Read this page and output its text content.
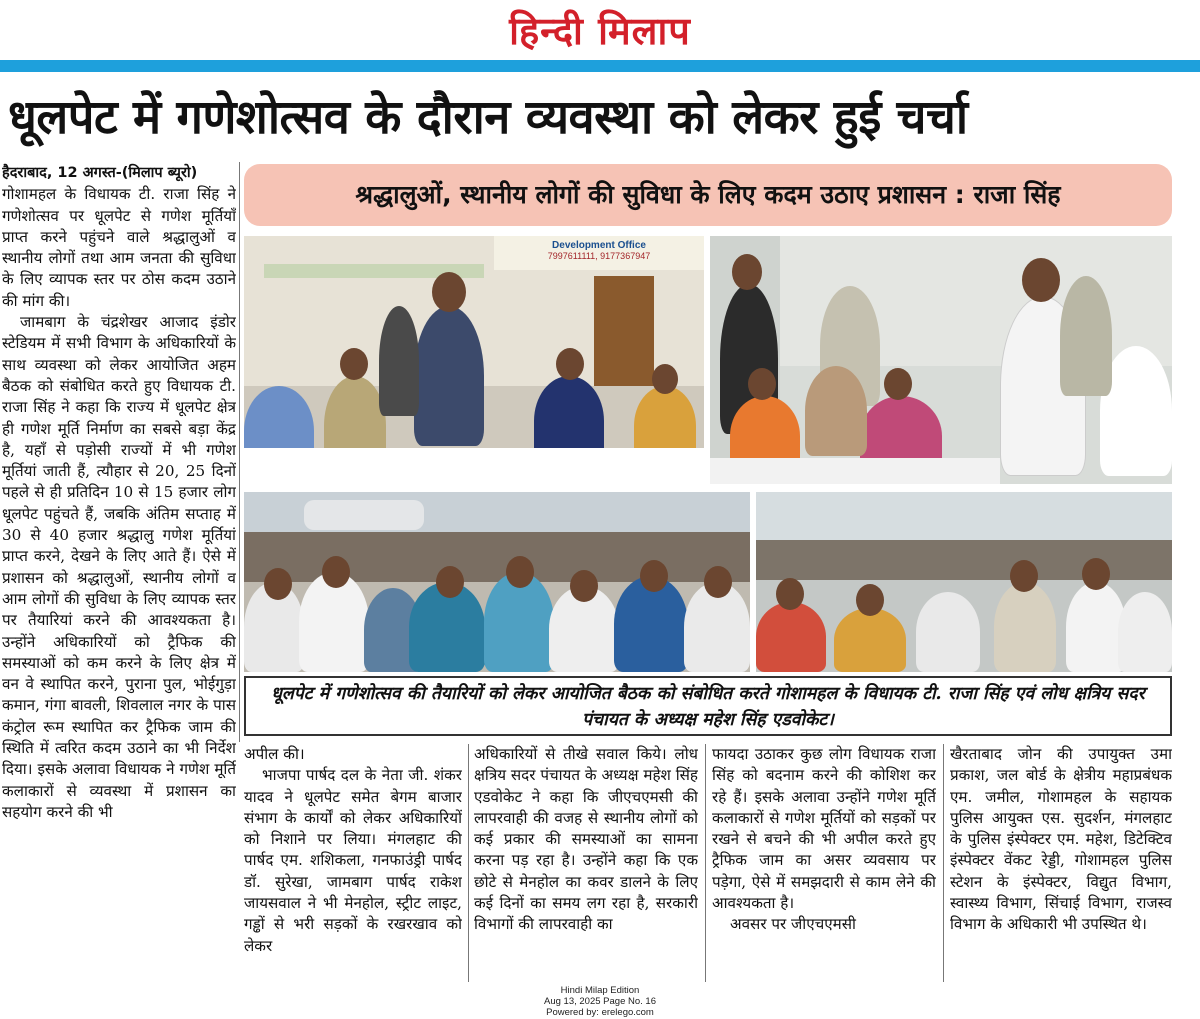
हिन्दी मिलाप
धूलपेट में गणेशोत्सव के दौरान व्यवस्था को लेकर हुई चर्चा

हैदराबाद, 12 अगस्त-(मिलाप ब्यूरो)

गोशामहल के विधायक टी. राजा सिंह ने गणेशोत्सव पर धूलपेट से गणेश मूर्तियाँ प्राप्त करने पहुंचने वाले श्रद्धालुओं व स्थानीय लोगों तथा आम जनता की सुविधा के लिए व्यापक स्तर पर ठोस कदम उठाने की मांग की।

जामबाग के चंद्रशेखर आजाद इंडोर स्टेडियम में सभी विभाग के अधिकारियों के साथ व्यवस्था को लेकर आयोजित अहम बैठक को संबोधित करते हुए विधायक टी. राजा सिंह ने कहा कि राज्य में धूलपेट क्षेत्र ही गणेश मूर्ति निर्माण का सबसे बड़ा केंद्र है, यहाँ से पड़ोसी राज्यों में भी गणेश मूर्तियां जाती हैं, त्यौहार से 20, 25 दिनों पहले से ही प्रतिदिन 10 से 15 हजार लोग धूलपेट पहुंचते हैं, जबकि अंतिम सप्ताह में 30 से 40 हजार श्रद्धालु गणेश मूर्तियां प्राप्त करने, देखने के लिए आते हैं। ऐसे में प्रशासन को श्रद्धालुओं, स्थानीय लोगों व आम लोगों की सुविधा के लिए व्यापक स्तर पर तैयारियां करने की आवश्यकता है। उन्होंने अधिकारियों को ट्रैफिक की समस्याओं को कम करने के लिए क्षेत्र में वन वे स्थापित करने, पुराना पुल, भोईगुड़ा कमान, गंगा बावली, शिवलाल नगर के पास कंट्रोल रूम स्थापित कर ट्रैफिक जाम की स्थिति में त्वरित कदम उठाने का भी निर्देश दिया। इसके अलावा विधायक ने गणेश मूर्ति कलाकारों से व्यवस्था में प्रशासन का सहयोग करने की भी

श्रद्धालुओं, स्थानीय लोगों की सुविधा के लिए कदम उठाए प्रशासन : राजा सिंह
Development Office
7997611111, 9177367947
धूलपेट में गणेशोत्सव की तैयारियों को लेकर आयोजित बैठक को संबोधित करते गोशामहल के विधायक टी. राजा सिंह एवं लोध क्षत्रिय सदर पंचायत के अध्यक्ष महेश सिंह एडवोकेट।

अपील की।

भाजपा पार्षद दल के नेता जी. शंकर यादव ने धूलपेट समेत बेगम बाजार संभाग के कार्यों को लेकर अधिकारियों को निशाने पर लिया। मंगलहाट की पार्षद एम. शशिकला, गनफाउंड्री पार्षद डॉ. सुरेखा, जामबाग पार्षद राकेश जायसवाल ने भी मेनहोल, स्ट्रीट लाइट, गड्ढों से भरी सड़कों के रखरखाव को लेकर

अधिकारियों से तीखे सवाल किये। लोध क्षत्रिय सदर पंचायत के अध्यक्ष महेश सिंह एडवोकेट ने कहा कि जीएचएमसी की लापरवाही की वजह से स्थानीय लोगों को कई प्रकार की समस्याओं का सामना करना पड़ रहा है। उन्होंने कहा कि एक छोटे से मेनहोल का कवर डालने के लिए कई दिनों का समय लग रहा है, सरकारी विभागों की लापरवाही का

फायदा उठाकर कुछ लोग विधायक राजा सिंह को बदनाम करने की कोशिश कर रहे हैं। इसके अलावा उन्होंने गणेश मूर्ति कलाकारों से गणेश मूर्तियों को सड़कों पर रखने से बचने की भी अपील करते हुए ट्रैफिक जाम का असर व्यवसाय पर पड़ेगा, ऐसे में समझदारी से काम लेने की आवश्यकता है।

अवसर पर जीएचएमसी

खैरताबाद जोन की उपायुक्त उमा प्रकाश, जल बोर्ड के क्षेत्रीय महाप्रबंधक एम. जमील, गोशामहल के सहायक पुलिस आयुक्त एस. सुदर्शन, मंगलहाट के पुलिस इंस्पेक्टर एम. महेश, डिटेक्टिव इंस्पेक्टर वेंकट रेड्डी, गोशामहल पुलिस स्टेशन के इंस्पेक्टर, विद्युत विभाग, स्वास्थ्य विभाग, सिंचाई विभाग, राजस्व विभाग के अधिकारी भी उपस्थित थे।

Hindi Milap Edition
Aug 13, 2025 Page No. 16
Powered by: erelego.com
